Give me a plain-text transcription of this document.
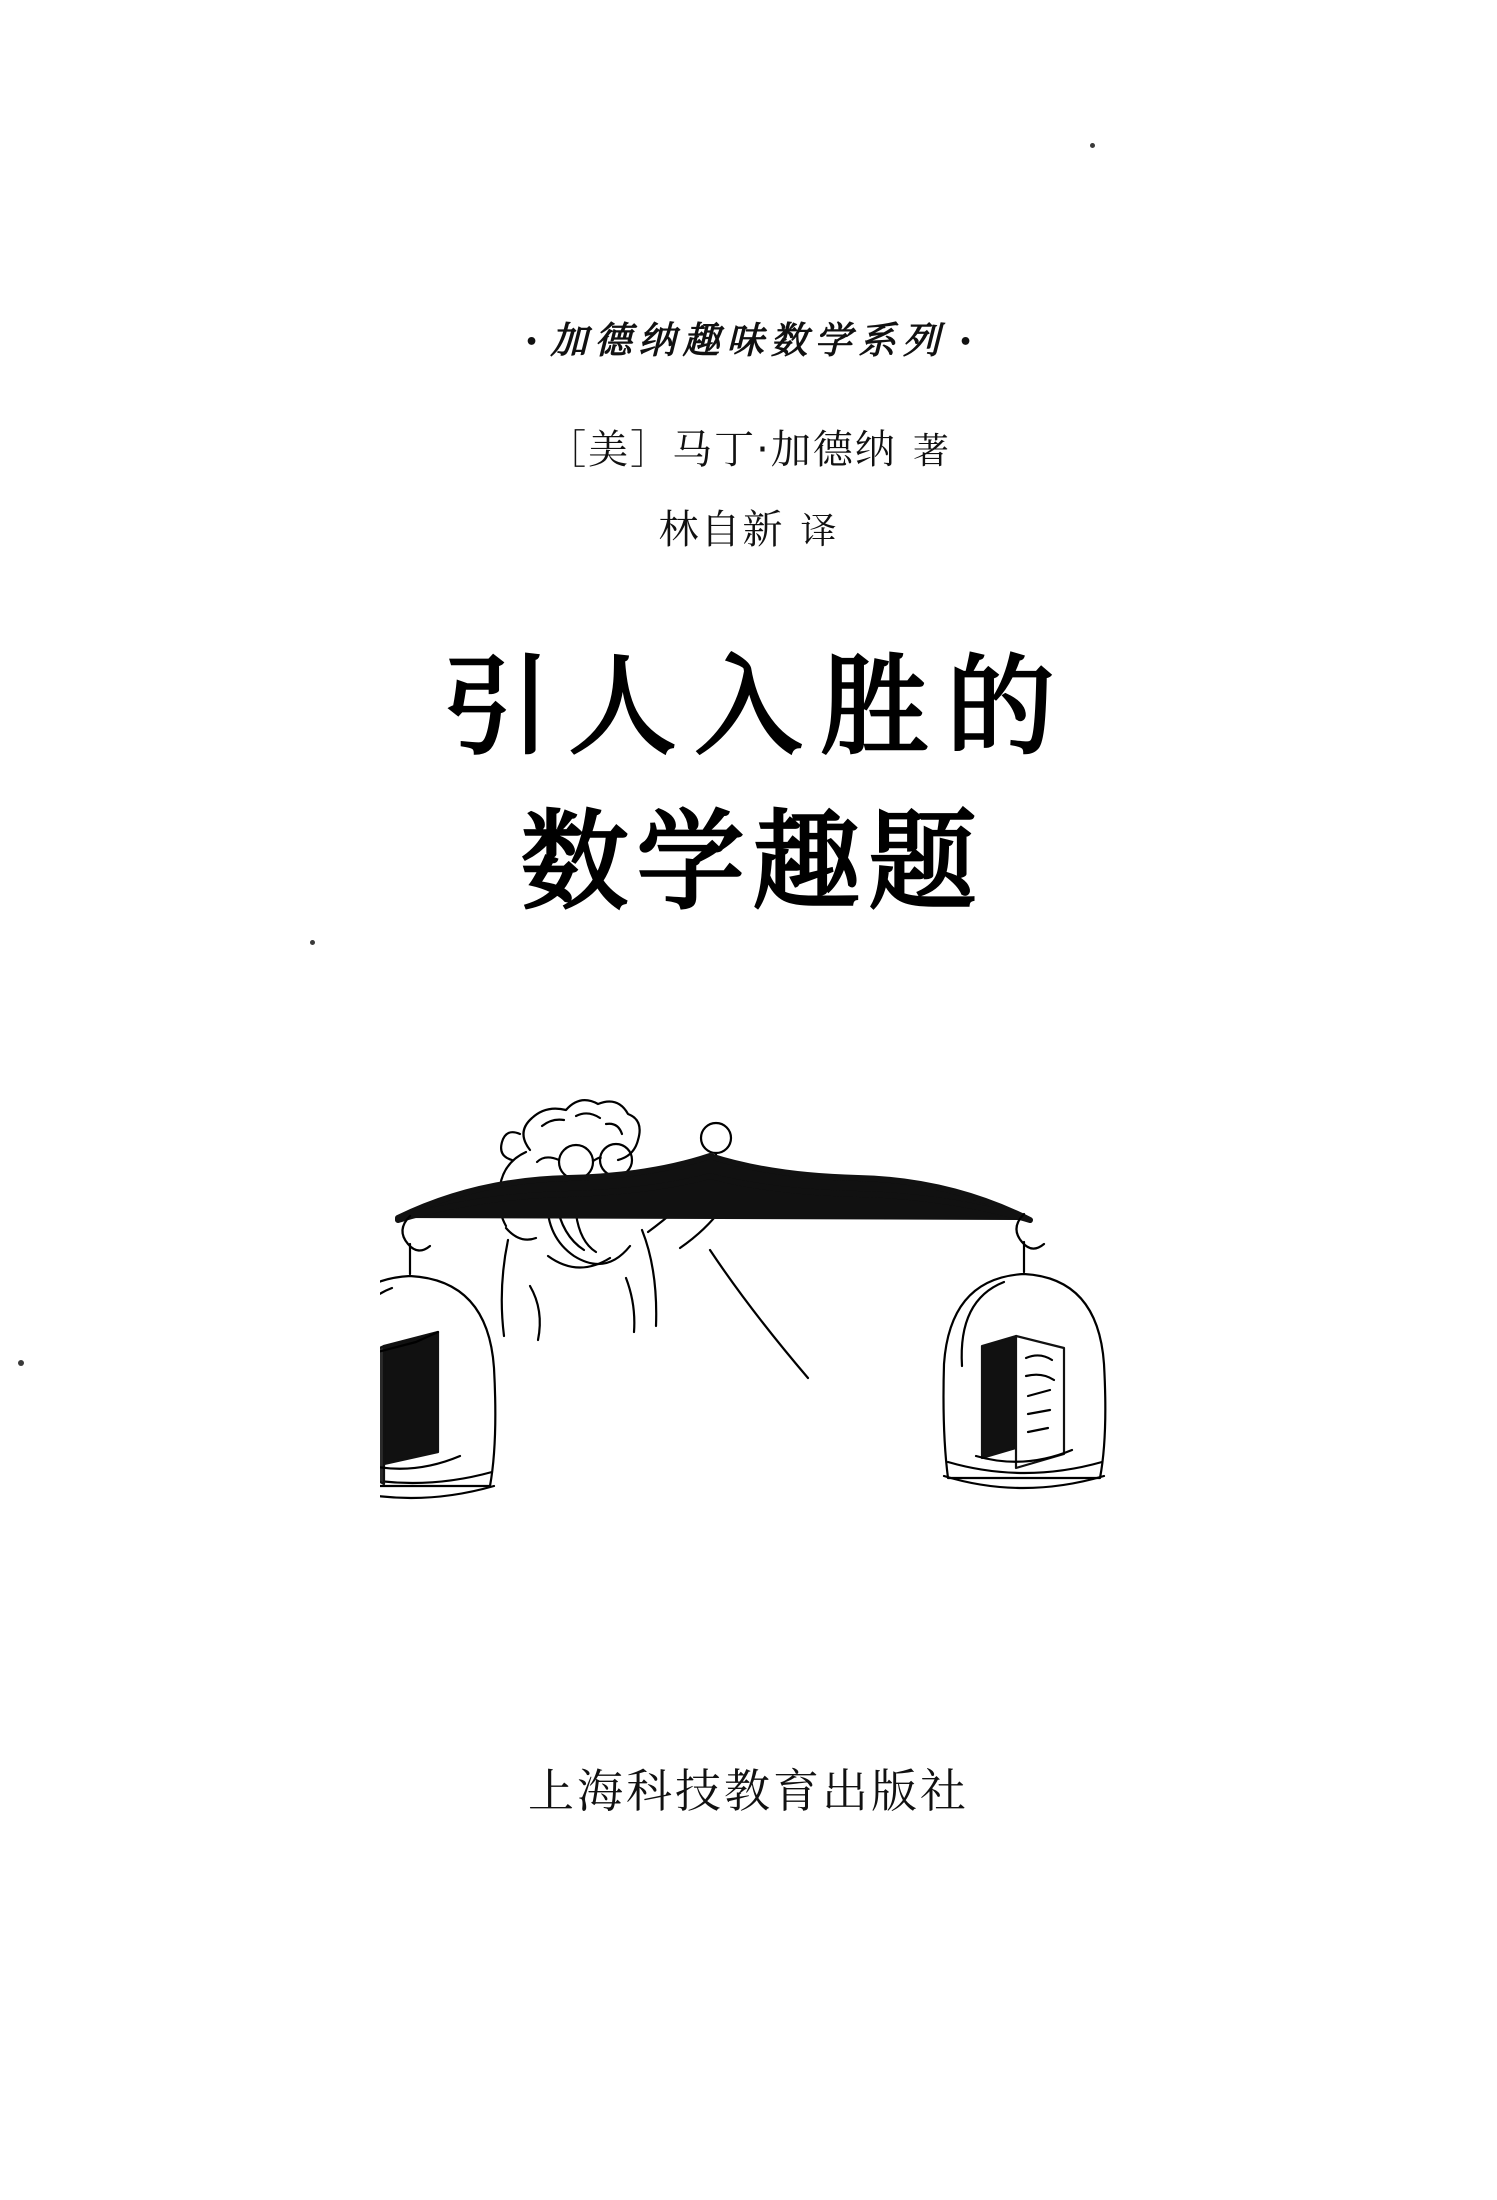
• 加德纳趣味数学系列 •
［美］马丁·加德纳 著
林自新 译
引人入胜的
数学趣题
上海科技教育出版社
